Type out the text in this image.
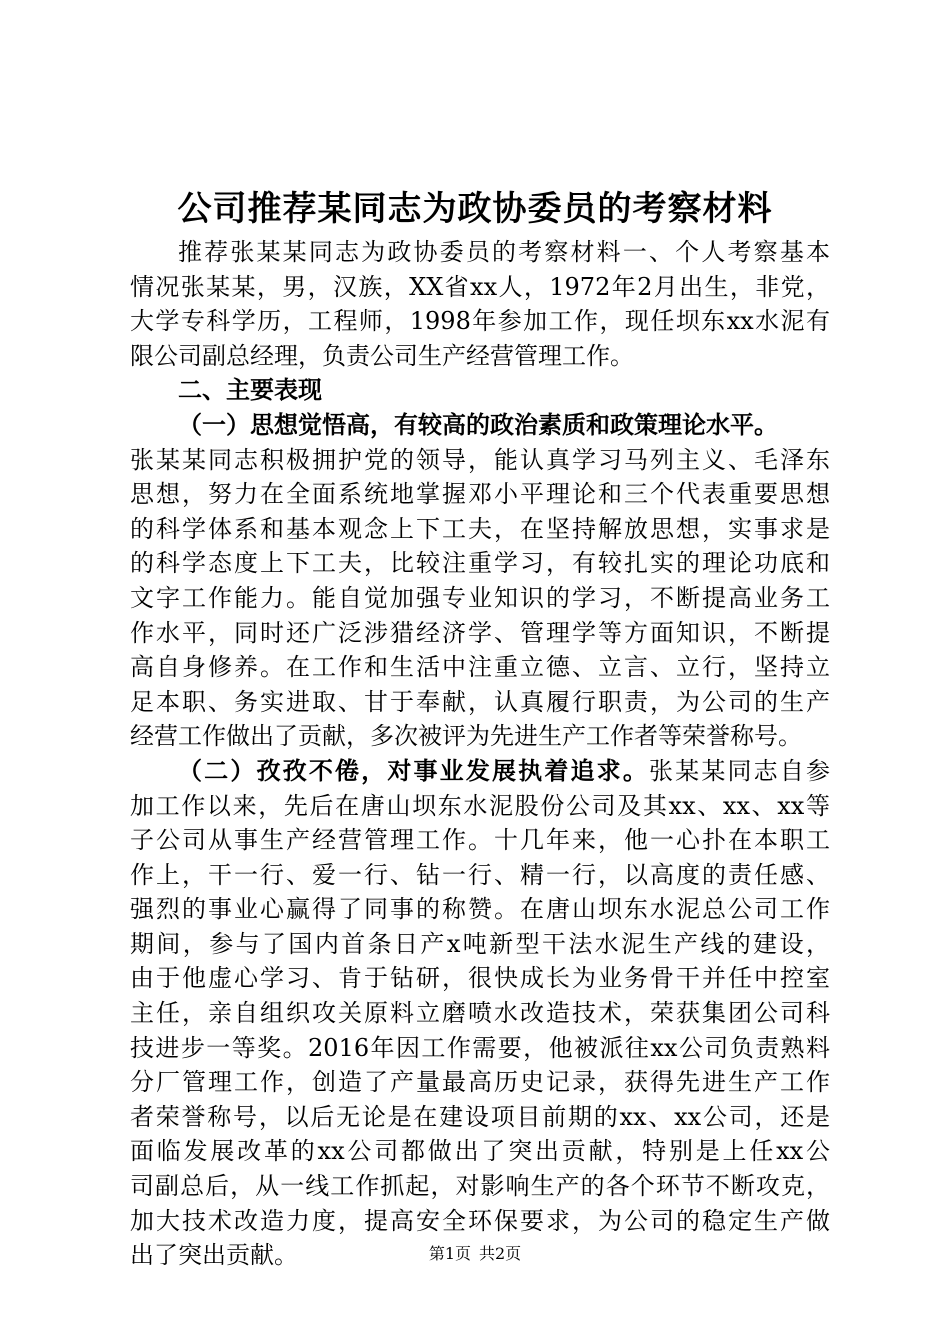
公司推荐某同志为政协委员的考察材料
推荐张某某同志为政协委员的考察材料一、个人考察基本
情况张某某，男，汉族，XX省xx人，1972年2月出生，非党，
大学专科学历，工程师，1998年参加工作，现任坝东xx水泥有
限公司副总经理，负责公司生产经营管理工作。
二、主要表现
（一）思想觉悟高，有较高的政治素质和政策理论水平。
张某某同志积极拥护党的领导，能认真学习马列主义、毛泽东
思想，努力在全面系统地掌握邓小平理论和三个代表重要思想
的科学体系和基本观念上下工夫，在坚持解放思想，实事求是
的科学态度上下工夫，比较注重学习，有较扎实的理论功底和
文字工作能力。能自觉加强专业知识的学习，不断提高业务工
作水平，同时还广泛涉猎经济学、管理学等方面知识，不断提
高自身修养。在工作和生活中注重立德、立言、立行，坚持立
足本职、务实进取、甘于奉献，认真履行职责，为公司的生产
经营工作做出了贡献，多次被评为先进生产工作者等荣誉称号。
（二）孜孜不倦，对事业发展执着追求。张某某同志自参
加工作以来，先后在唐山坝东水泥股份公司及其xx、xx、xx等
子公司从事生产经营管理工作。十几年来，他一心扑在本职工
作上，干一行、爱一行、钻一行、精一行，以高度的责任感、
强烈的事业心赢得了同事的称赞。在唐山坝东水泥总公司工作
期间，参与了国内首条日产x吨新型干法水泥生产线的建设，
由于他虚心学习、肯于钻研，很快成长为业务骨干并任中控室
主任，亲自组织攻关原料立磨喷水改造技术，荣获集团公司科
技进步一等奖。2016年因工作需要，他被派往xx公司负责熟料
分厂管理工作，创造了产量最高历史记录，获得先进生产工作
者荣誉称号，以后无论是在建设项目前期的xx、xx公司，还是
面临发展改革的xx公司都做出了突出贡献，特别是上任xx公
司副总后，从一线工作抓起，对影响生产的各个环节不断攻克，
加大技术改造力度，提高安全环保要求，为公司的稳定生产做
出了突出贡献。	第1页 共2页
